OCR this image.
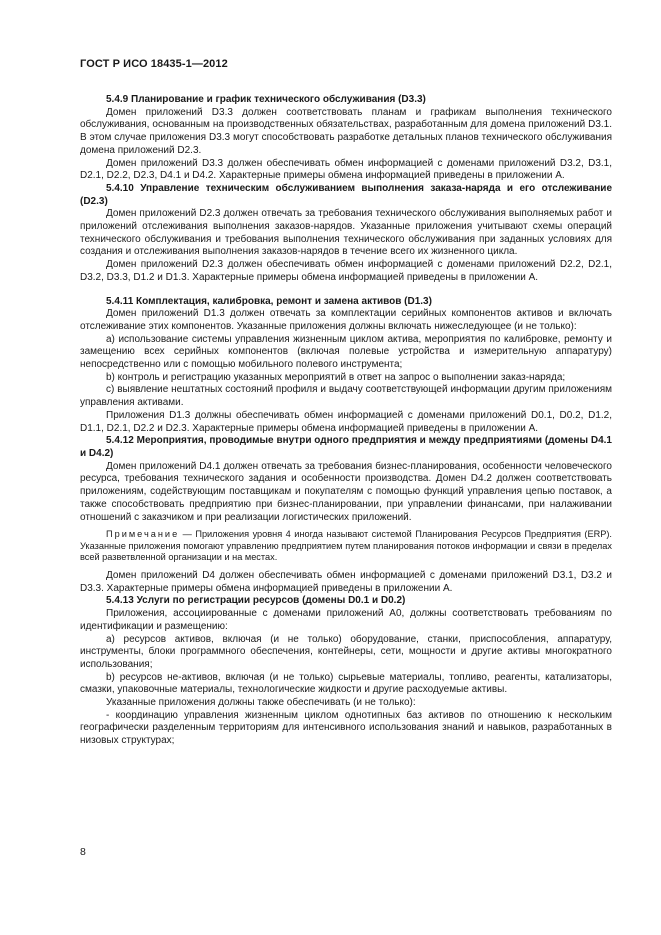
ГОСТ Р ИСО 18435-1—2012
5.4.9 Планирование и график технического обслуживания (D3.3)
Домен приложений D3.3 должен соответствовать планам и графикам выполнения технического обслуживания, основанным на производственных обязательствах, разработанным для домена приложений D3.1. В этом случае приложения D3.3 могут способствовать разработке детальных планов технического обслуживания домена приложений D2.3.
Домен приложений D3.3 должен обеспечивать обмен информацией с доменами приложений D3.2, D3.1, D2.1, D2.2, D2.3, D4.1 и D4.2. Характерные примеры обмена информацией приведены в приложении А.
5.4.10 Управление техническим обслуживанием выполнения заказа-наряда и его отслеживание (D2.3)
Домен приложений D2.3 должен отвечать за требования технического обслуживания выполняемых работ и приложений отслеживания выполнения заказов-нарядов. Указанные приложения учитывают схемы операций технического обслуживания и требования выполнения технического обслуживания при заданных условиях для создания и отслеживания выполнения заказов-нарядов в течение всего их жизненного цикла.
Домен приложений D2.3 должен обеспечивать обмен информацией с доменами приложений D2.2, D2.1, D3.2, D3.3, D1.2 и D1.3. Характерные примеры обмена информацией приведены в приложении А.
5.4.11 Комплектация, калибровка, ремонт и замена активов (D1.3)
Домен приложений D1.3 должен отвечать за комплектации серийных компонентов активов и включать отслеживание этих компонентов. Указанные приложения должны включать нижеследующее (и не только):
а) использование системы управления жизненным циклом актива, мероприятия по калибровке, ремонту и замещению всех серийных компонентов (включая полевые устройства и измерительную аппаратуру) непосредственно или с помощью мобильного полевого инструмента;
b) контроль и регистрацию указанных мероприятий в ответ на запрос о выполнении заказ-наряда;
с) выявление нештатных состояний профиля и выдачу соответствующей информации другим приложениям управления активами.
Приложения D1.3 должны обеспечивать обмен информацией с доменами приложений D0.1, D0.2, D1.2, D1.1, D2.1, D2.2 и D2.3. Характерные примеры обмена информацией приведены в приложении А.
5.4.12 Мероприятия, проводимые внутри одного предприятия и между предприятиями (домены D4.1 и D4.2)
Домен приложений D4.1 должен отвечать за требования бизнес-планирования, особенности человеческого ресурса, требования технического задания и особенности производства. Домен D4.2 должен соответствовать приложениям, содействующим поставщикам и покупателям с помощью функций управления цепью поставок, а также способствовать предприятию при бизнес-планировании, при управлении финансами, при налаживании отношений с заказчиком и при реализации логистических приложений.
Примечание — Приложения уровня 4 иногда называют системой Планирования Ресурсов Предприятия (ERP). Указанные приложения помогают управлению предприятием путем планирования потоков информации и связи в пределах всей разветвленной организации и на местах.
Домен приложений D4 должен обеспечивать обмен информацией с доменами приложений D3.1, D3.2 и D3.3. Характерные примеры обмена информацией приведены в приложении А.
5.4.13 Услуги по регистрации ресурсов (домены D0.1 и D0.2)
Приложения, ассоциированные с доменами приложений А0, должны соответствовать требованиям по идентификации и размещению:
а) ресурсов активов, включая (и не только) оборудование, станки, приспособления, аппаратуру, инструменты, блоки программного обеспечения, контейнеры, сети, мощности и другие активы многократного использования;
b) ресурсов не-активов, включая (и не только) сырьевые материалы, топливо, реагенты, катализаторы, смазки, упаковочные материалы, технологические жидкости и другие расходуемые активы.
Указанные приложения должны также обеспечивать (и не только):
- координацию управления жизненным циклом однотипных баз активов по отношению к нескольким географически разделенным территориям для интенсивного использования знаний и навыков, разработанных в низовых структурах;
8
